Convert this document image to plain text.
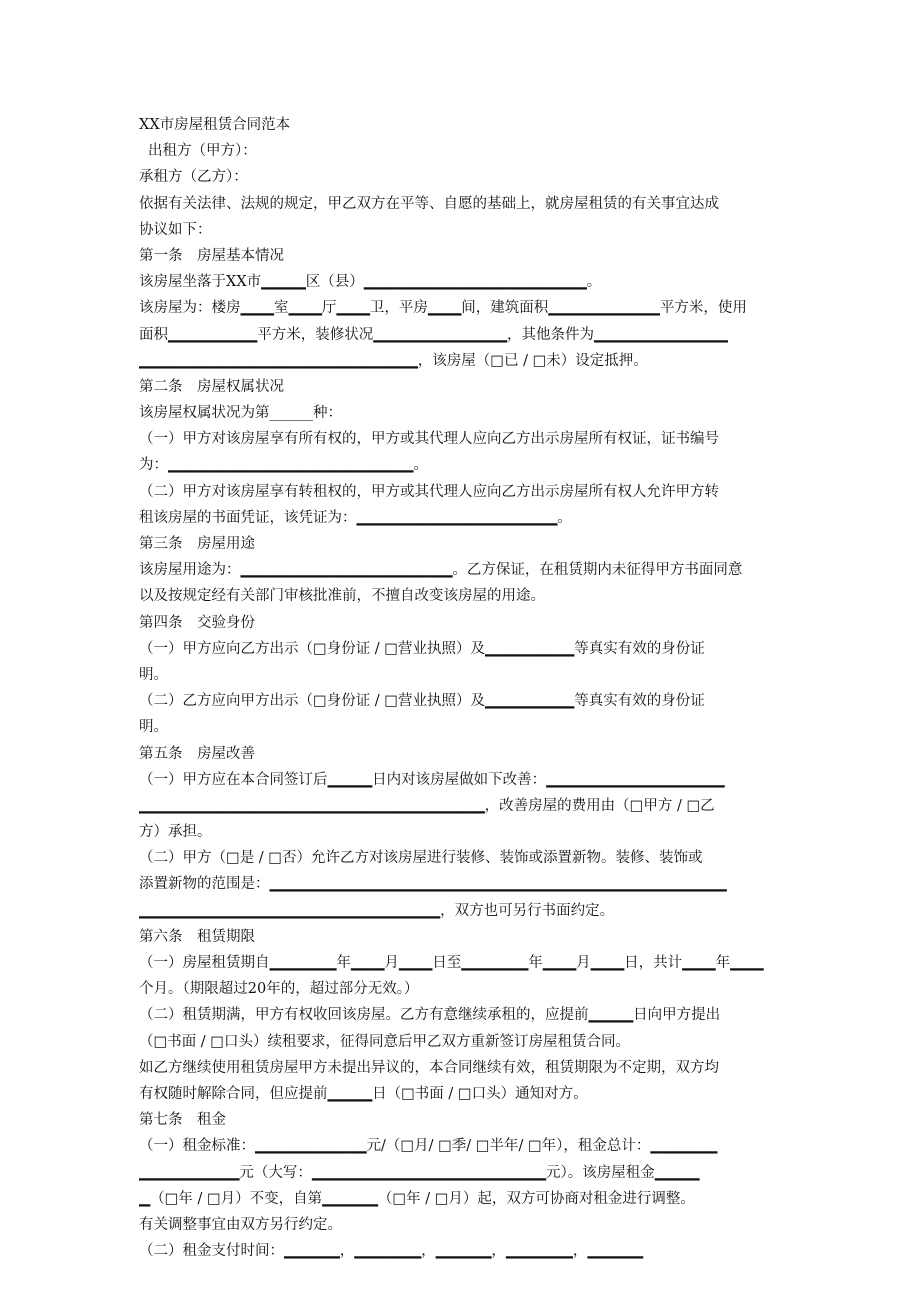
XX市房屋租赁合同范本
出租方（甲方）：
承租方（乙方）：
依据有关法律、法规的规定，甲乙双方在平等、自愿的基础上，就房屋租赁的有关事宜达成
协议如下：
第一条　房屋基本情况
该房屋坐落于XX市▁▁▁▁区（县）▁▁▁▁▁▁▁▁▁▁▁▁▁▁▁▁▁▁▁▁。
该房屋为：楼房▁▁▁室▁▁▁厅▁▁▁卫，平房▁▁▁间，建筑面积▁▁▁▁▁▁▁▁▁▁平方米，使用
面积▁▁▁▁▁▁▁▁平方米，装修状况▁▁▁▁▁▁▁▁▁▁▁▁，其他条件为▁▁▁▁▁▁▁▁▁▁▁▁
▁▁▁▁▁▁▁▁▁▁▁▁▁▁▁▁▁▁▁▁▁▁▁▁▁，该房屋（□已 / □未）设定抵押。
第二条　房屋权属状况
该房屋权属状况为第______种：
（一）甲方对该房屋享有所有权的，甲方或其代理人应向乙方出示房屋所有权证，证书编号
为：▁▁▁▁▁▁▁▁▁▁▁▁▁▁▁▁▁▁▁▁▁▁。
（二）甲方对该房屋享有转租权的，甲方或其代理人应向乙方出示房屋所有权人允许甲方转
租该房屋的书面凭证，该凭证为：▁▁▁▁▁▁▁▁▁▁▁▁▁▁▁▁▁▁。
第三条　房屋用途
该房屋用途为：▁▁▁▁▁▁▁▁▁▁▁▁▁▁▁▁▁▁▁。乙方保证，在租赁期内未征得甲方书面同意
以及按规定经有关部门审核批准前，不擅自改变该房屋的用途。
第四条　交验身份
（一）甲方应向乙方出示（□身份证 / □营业执照）及▁▁▁▁▁▁▁▁等真实有效的身份证
明。
（二）乙方应向甲方出示（□身份证 / □营业执照）及▁▁▁▁▁▁▁▁等真实有效的身份证
明。
第五条　房屋改善
（一）甲方应在本合同签订后▁▁▁▁日内对该房屋做如下改善：▁▁▁▁▁▁▁▁▁▁▁▁▁▁▁▁
▁▁▁▁▁▁▁▁▁▁▁▁▁▁▁▁▁▁▁▁▁▁▁▁▁▁▁▁▁▁▁，改善房屋的费用由（□甲方 / □乙
方）承担。
（二）甲方（□是 / □否）允许乙方对该房屋进行装修、装饰或添置新物。装修、装饰或
添置新物的范围是：▁▁▁▁▁▁▁▁▁▁▁▁▁▁▁▁▁▁▁▁▁▁▁▁▁▁▁▁▁▁▁▁▁▁▁▁▁▁▁▁▁
▁▁▁▁▁▁▁▁▁▁▁▁▁▁▁▁▁▁▁▁▁▁▁▁▁▁▁，双方也可另行书面约定。
第六条　租赁期限
（一）房屋租赁期自▁▁▁▁▁▁年▁▁▁月▁▁▁日至▁▁▁▁▁▁年▁▁▁月▁▁▁日，共计▁▁▁年▁▁▁
个月。（期限超过20年的，超过部分无效。）
（二）租赁期满，甲方有权收回该房屋。乙方有意继续承租的，应提前▁▁▁▁日向甲方提出
（□书面 / □口头）续租要求，征得同意后甲乙双方重新签订房屋租赁合同。
如乙方继续使用租赁房屋甲方未提出异议的，本合同继续有效，租赁期限为不定期，双方均
有权随时解除合同，但应提前▁▁▁▁日（□书面 / □口头）通知对方。
第七条　租金
（一）租金标准：▁▁▁▁▁▁▁▁▁▁元/（□月/ □季/ □半年/ □年），租金总计：▁▁▁▁▁▁
▁▁▁▁▁▁▁▁▁元（大写：▁▁▁▁▁▁▁▁▁▁▁▁▁▁▁▁▁▁▁▁▁元）。该房屋租金▁▁▁▁
▁（□年 / □月）不变，自第▁▁▁▁▁（□年 / □月）起，双方可协商对租金进行调整。
有关调整事宜由双方另行约定。
（二）租金支付时间：▁▁▁▁▁，▁▁▁▁▁▁，▁▁▁▁▁，▁▁▁▁▁▁，▁▁▁▁▁
